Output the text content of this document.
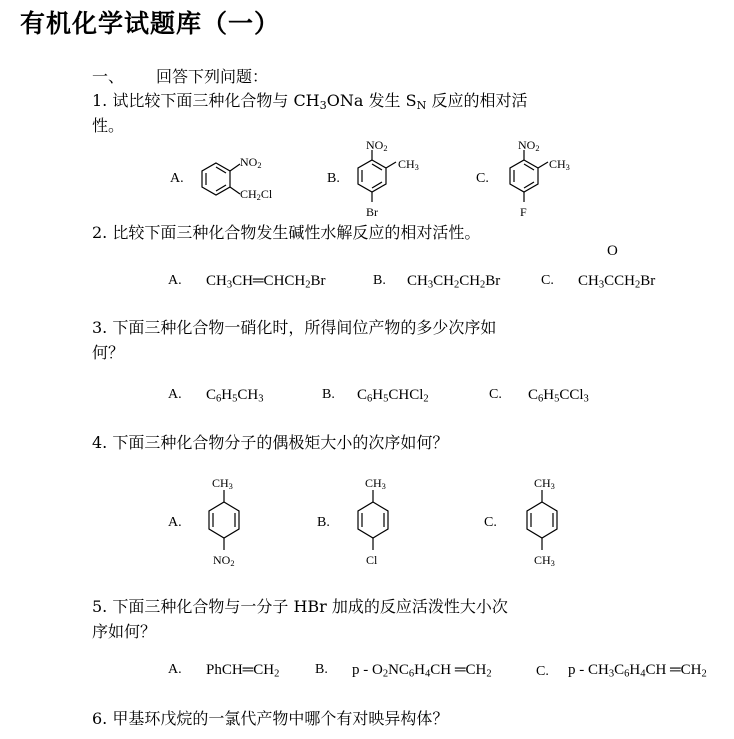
有机化学试题库（一）
一、 回答下列问题：
1. 试比较下面三种化合物与 $CH_3ONa$ 发生 $S_N$ 反应的相对活
性。
A.
$NO_2$
$CH_2Cl$
B.
$NO_2$
$CH_3$
Br
C.
$NO_2$
$CH_3$
F
2. 比较下面三种化合物发生碱性水解反应的相对活性。
O
A. $CH_3CH═CHCH_2Br$	B. $CH_3CH_2CH_2Br$	C. $CH_3CCH_2Br$
3. 下面三种化合物一硝化时，所得间位产物的多少次序如
何？
A. $C_6H_5CH_3$	B. $C_6H_5CHCl_2$	C. $C_6H_5CCl_3$
4. 下面三种化合物分子的偶极矩大小的次序如何？
A.
$CH_3$
$NO_2$
B.
$CH_3$
Cl
C.
$CH_3$
$CH_3$
5. 下面三种化合物与一分子 HBr 加成的反应活泼性大小次
序如何？
A. $PhCH═CH_2$	B. p - $O_2NC_6H_4CH$ $═CH_2$	C. p - $CH_3C_6H_4CH$ $═CH_2$
6. 甲基环戊烷的一氯代产物中哪个有对映异构体？
